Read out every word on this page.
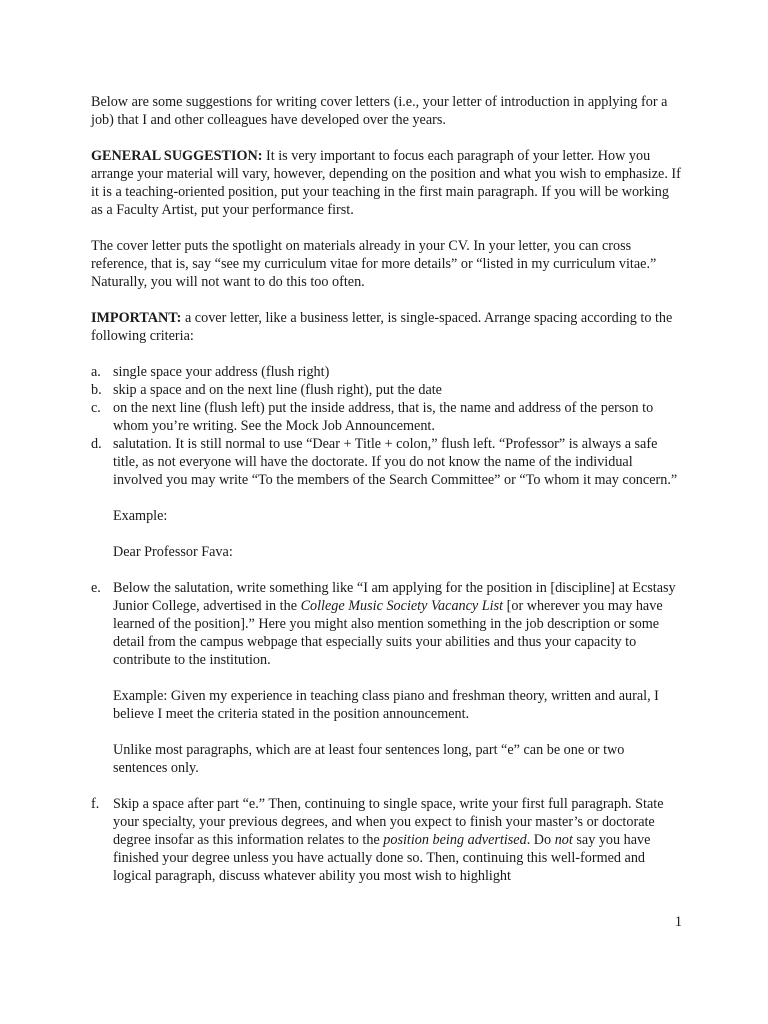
Below are some suggestions for writing cover letters (i.e., your letter of introduction in applying for a job) that I and other colleagues have developed over the years.

GENERAL SUGGESTION: It is very important to focus each paragraph of your letter. How you arrange your material will vary, however, depending on the position and what you wish to emphasize. If it is a teaching-oriented position, put your teaching in the first main paragraph. If you will be working as a Faculty Artist, put your performance first.

The cover letter puts the spotlight on materials already in your CV. In your letter, you can cross reference, that is, say “see my curriculum vitae for more details” or “listed in my curriculum vitae.” Naturally, you will not want to do this too often.

IMPORTANT: a cover letter, like a business letter, is single-spaced. Arrange spacing according to the following criteria:

a. single space your address (flush right)
b. skip a space and on the next line (flush right), put the date
c. on the next line (flush left) put the inside address, that is, the name and address of the person to whom you’re writing. See the Mock Job Announcement.
d. salutation. It is still normal to use “Dear + Title + colon,” flush left. “Professor” is always a safe title, as not everyone will have the doctorate. If you do not know the name of the individual involved you may write “To the members of the Search Committee” or “To whom it may concern.”

Example:

Dear Professor Fava:

e. Below the salutation, write something like “I am applying for the position in [discipline] at Ecstasy Junior College, advertised in the College Music Society Vacancy List [or wherever you may have learned of the position].” Here you might also mention something in the job description or some detail from the campus webpage that especially suits your abilities and thus your capacity to contribute to the institution.

Example: Given my experience in teaching class piano and freshman theory, written and aural, I believe I meet the criteria stated in the position announcement.

Unlike most paragraphs, which are at least four sentences long, part “e” can be one or two sentences only.

f. Skip a space after part “e.” Then, continuing to single space, write your first full paragraph. State your specialty, your previous degrees, and when you expect to finish your master’s or doctorate degree insofar as this information relates to the position being advertised. Do not say you have finished your degree unless you have actually done so. Then, continuing this well-formed and logical paragraph, discuss whatever ability you most wish to highlight

1
